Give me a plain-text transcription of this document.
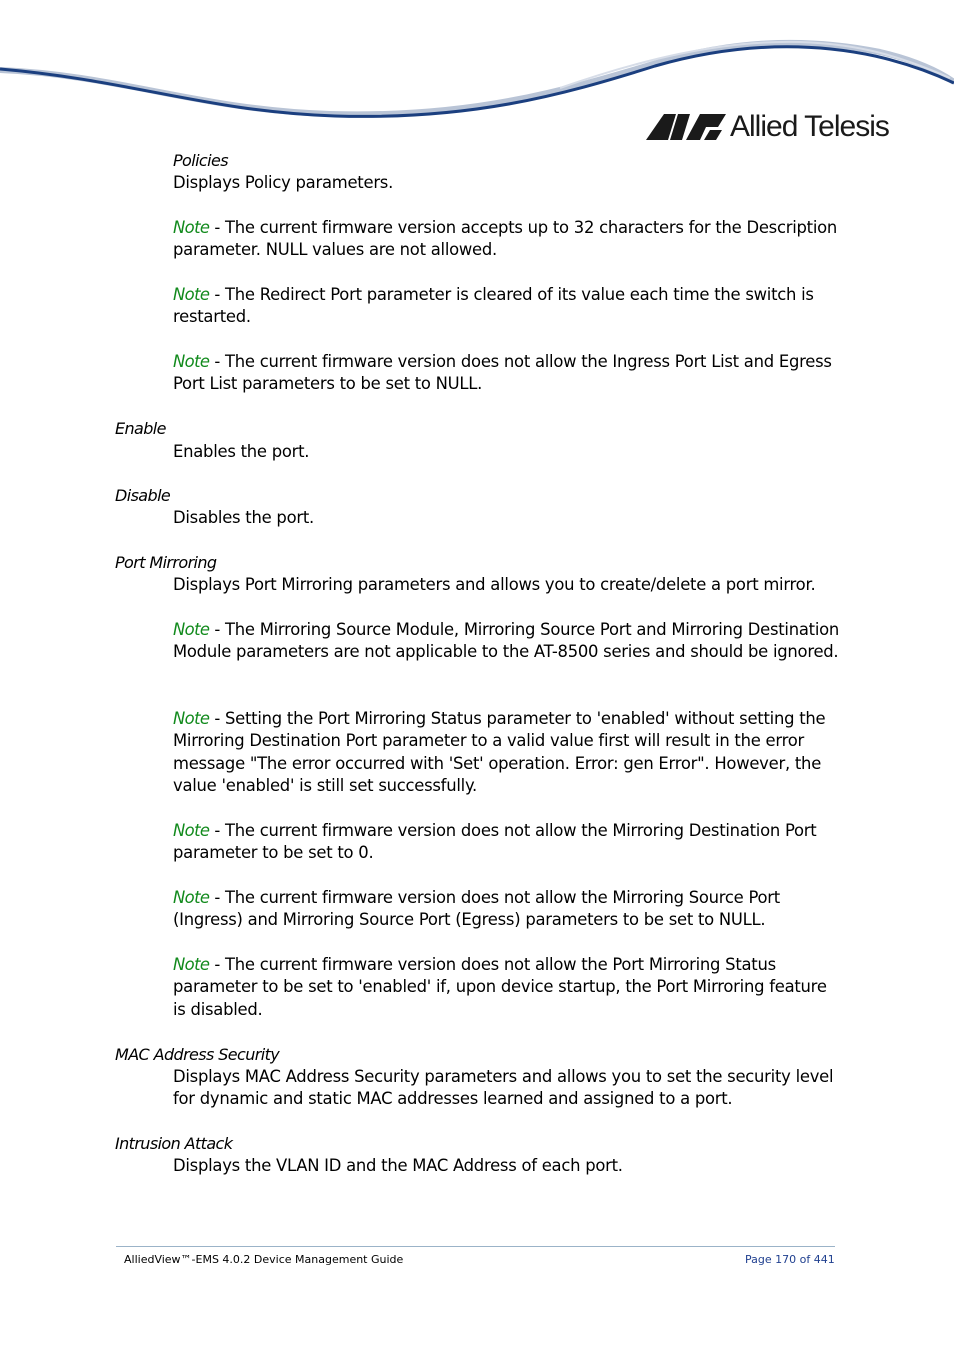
Allied Telesis
Policies
Displays Policy parameters.
Note - The current firmware version accepts up to 32 characters for the Description parameter. NULL values are not allowed.
Note - The Redirect Port parameter is cleared of its value each time the switch is restarted.
Note - The current firmware version does not allow the Ingress Port List and Egress Port List parameters to be set to NULL.
Enable
Enables the port.
Disable
Disables the port.
Port Mirroring
Displays Port Mirroring parameters and allows you to create/delete a port mirror.
Note - The Mirroring Source Module, Mirroring Source Port and Mirroring Destination Module parameters are not applicable to the AT-8500 series and should be ignored.
Note - Setting the Port Mirroring Status parameter to 'enabled' without setting the Mirroring Destination Port parameter to a valid value first will result in the error message "The error occurred with 'Set' operation. Error: gen Error". However, the value 'enabled' is still set successfully.
Note - The current firmware version does not allow the Mirroring Destination Port parameter to be set to 0.
Note - The current firmware version does not allow the Mirroring Source Port (Ingress) and Mirroring Source Port (Egress) parameters to be set to NULL.
Note - The current firmware version does not allow the Port Mirroring Status parameter to be set to 'enabled' if, upon device startup, the Port Mirroring feature is disabled.
MAC Address Security
Displays MAC Address Security parameters and allows you to set the security level for dynamic and static MAC addresses learned and assigned to a port.
Intrusion Attack
Displays the VLAN ID and the MAC Address of each port.
AlliedView™-EMS 4.0.2 Device Management Guide	Page 170 of 441
